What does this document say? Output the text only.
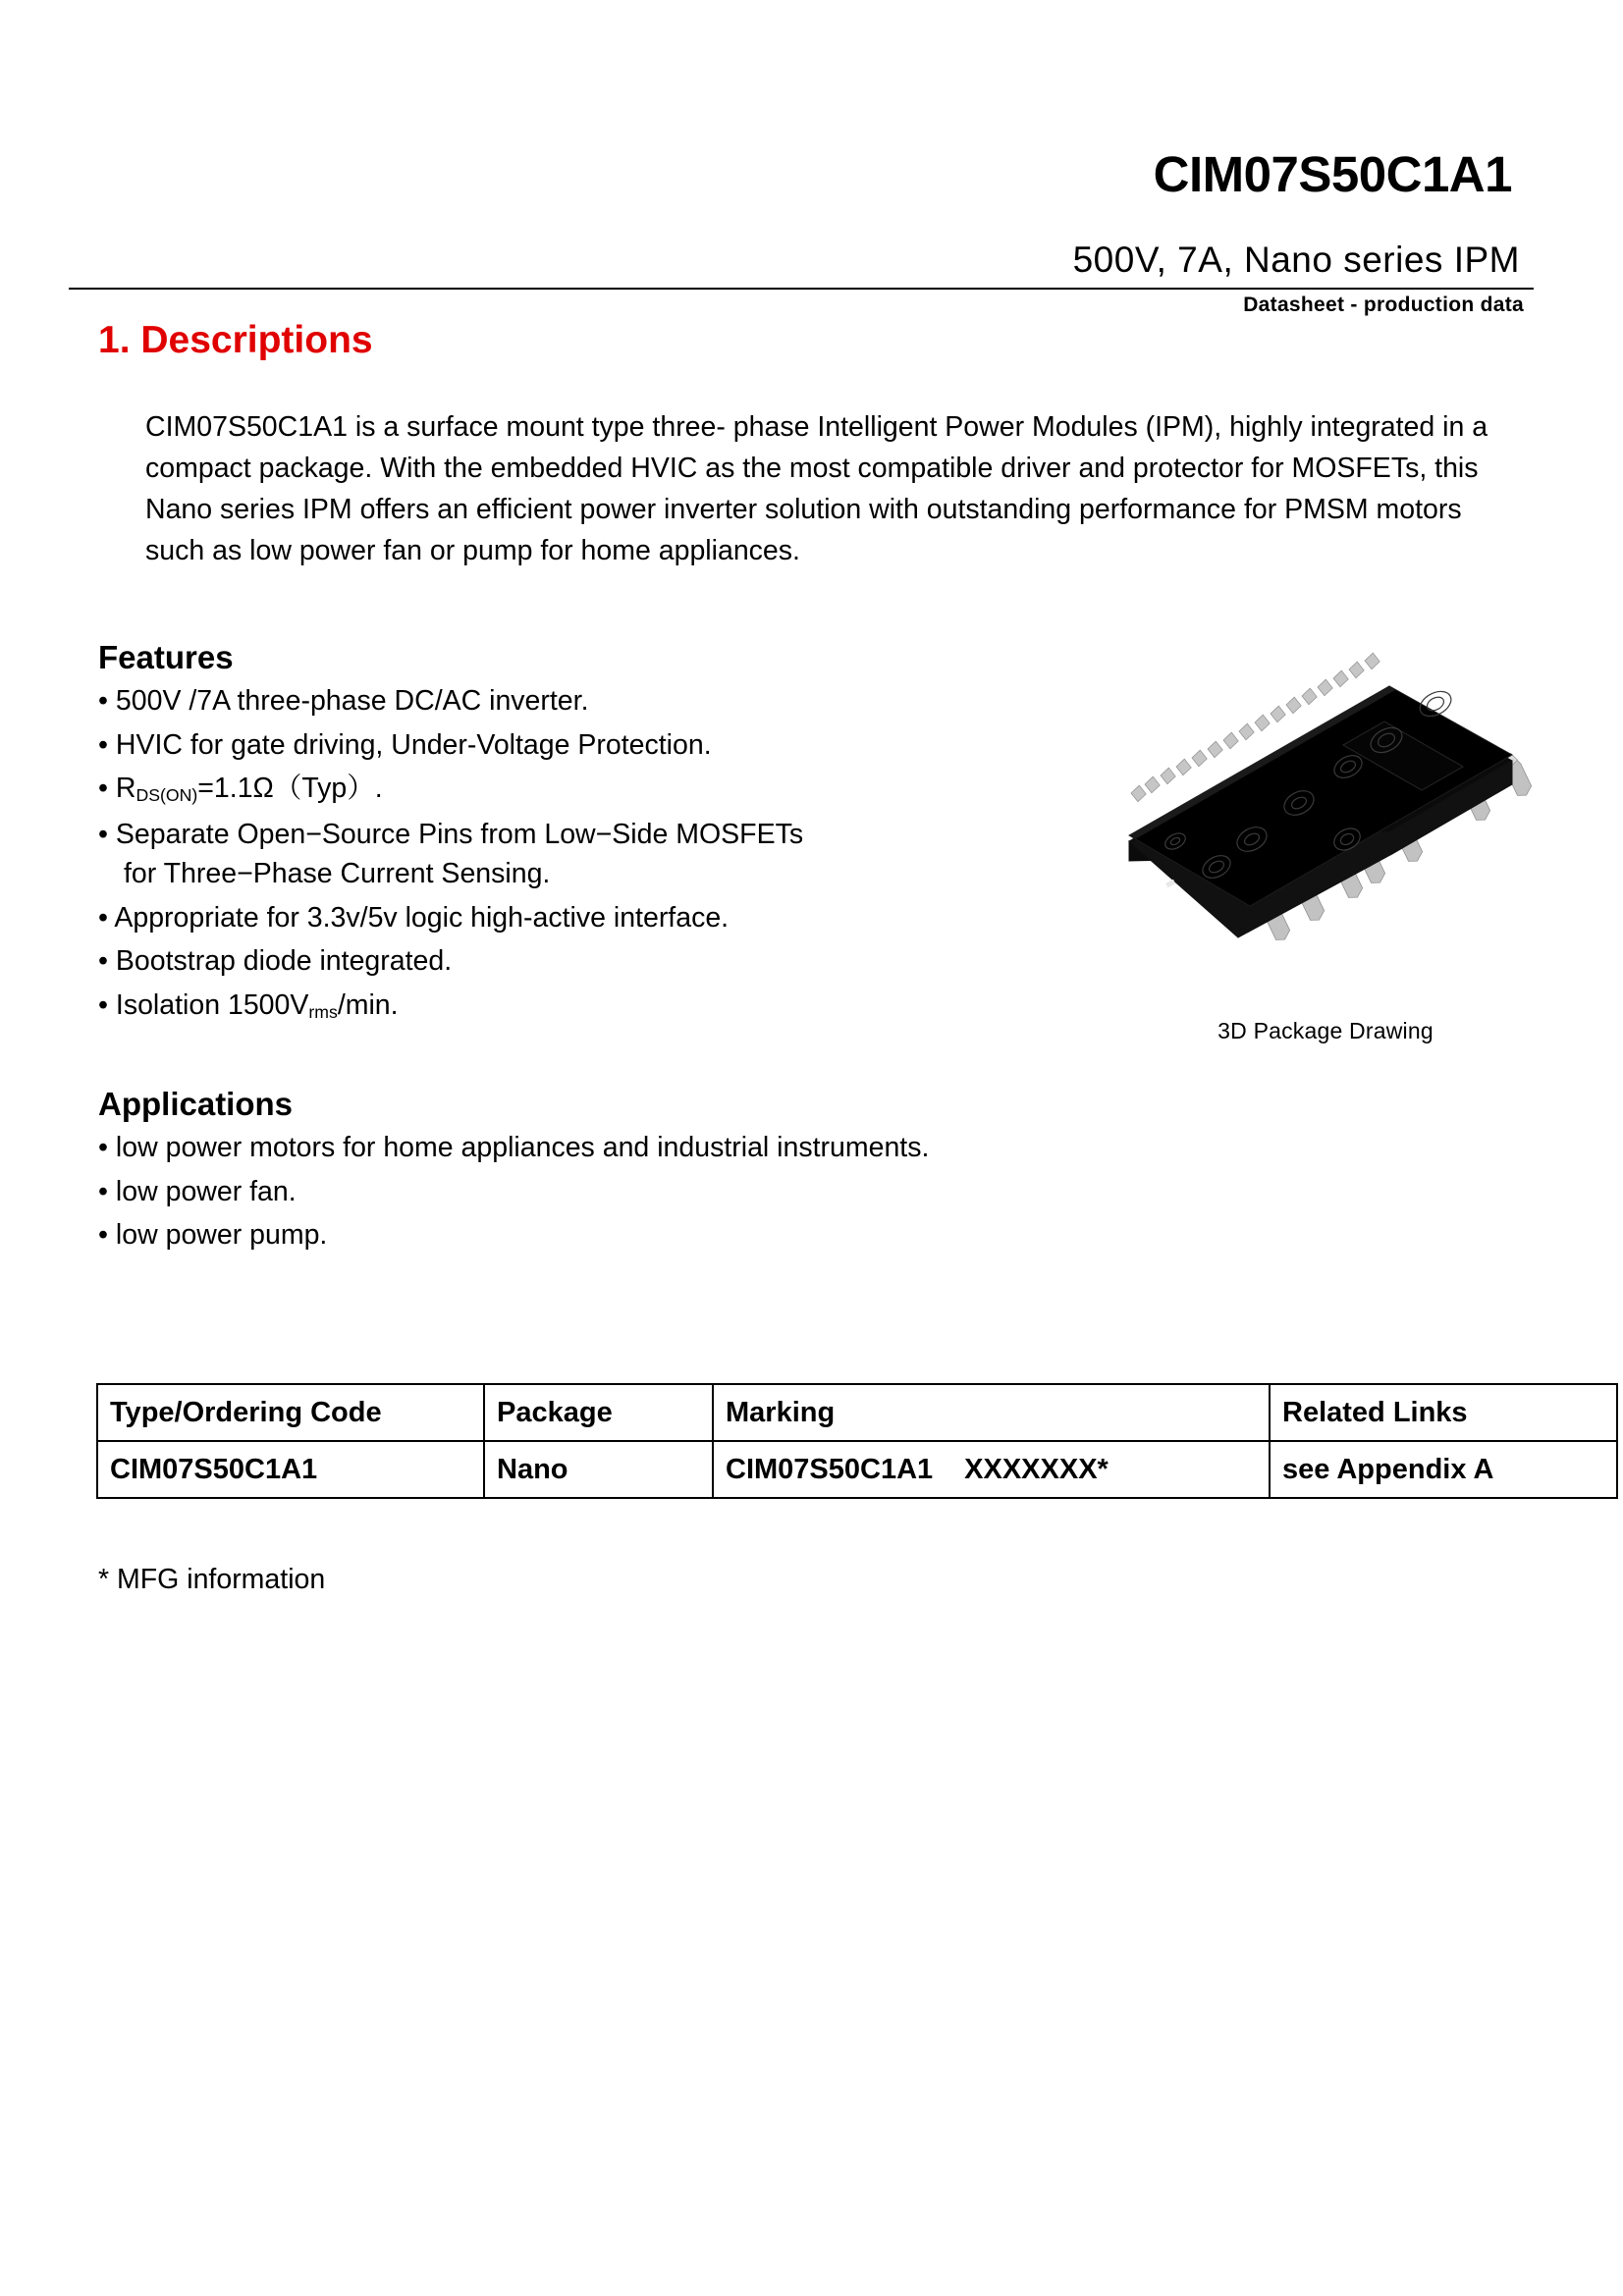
CIM07S50C1A1
500V, 7A, Nano series IPM
Datasheet - production data
1. Descriptions
CIM07S50C1A1 is a surface mount type three- phase Intelligent Power Modules (IPM), highly integrated in a compact package. With the embedded HVIC as the most compatible driver and protector for MOSFETs, this Nano series IPM offers an efficient power inverter solution with outstanding performance for PMSM motors such as low power fan or pump for home appliances.
Features
• 500V /7A three-phase DC/AC inverter.
• HVIC for gate driving, Under-Voltage Protection.
• $R_{DS(ON)}=1.1\Omega(Typ)$.
• Separate Open−Source Pins from Low−Side MOSFETs
for Three−Phase Current Sensing.
• Appropriate for 3.3v/5v logic high-active interface.
• Bootstrap diode integrated.
• Isolation $1500V_{rms}/\min$.
Applications
• low power motors for home appliances and industrial instruments.
• low power fan.
• low power pump.
3D Package Drawing
Type/Ordering Code	Package	Marking	Related Links
CIM07S50C1A1	Nano	CIM07S50C1A1 XXXXXXX*	see Appendix A
* MFG information
